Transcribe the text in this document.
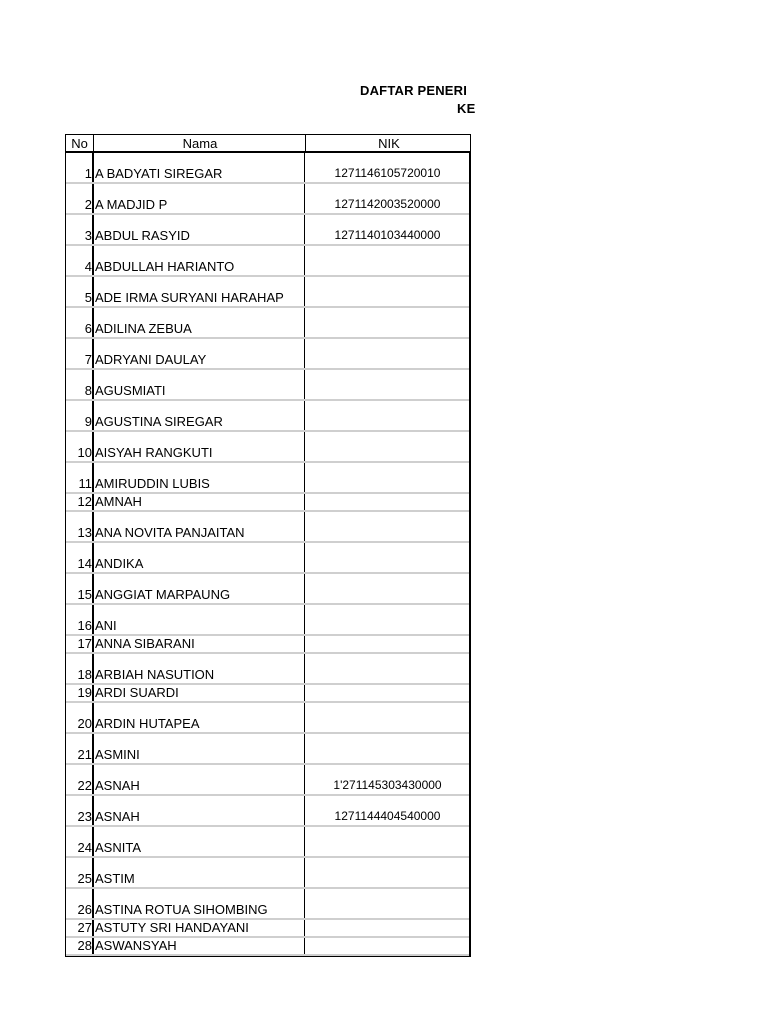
DAFTAR PENERI
KE
No	Nama	NIK
1 A BADYATI SIREGAR	1271146105720010
2 A MADJID P	1271142003520000
3 ABDUL RASYID	1271140103440000
4 ABDULLAH HARIANTO
5 ADE IRMA SURYANI HARAHAP
6 ADILINA ZEBUA
7 ADRYANI DAULAY
8 AGUSMIATI
9 AGUSTINA SIREGAR
10 AISYAH RANGKUTI
11 AMIRUDDIN LUBIS
12 AMNAH
13 ANA NOVITA PANJAITAN
14 ANDIKA
15 ANGGIAT MARPAUNG
16 ANI
17 ANNA SIBARANI
18 ARBIAH NASUTION
19 ARDI SUARDI
20 ARDIN HUTAPEA
21 ASMINI
22 ASNAH	1'271145303430000
23 ASNAH	1271144404540000
24 ASNITA
25 ASTIM
26 ASTINA ROTUA SIHOMBING
27 ASTUTY SRI HANDAYANI
28 ASWANSYAH
